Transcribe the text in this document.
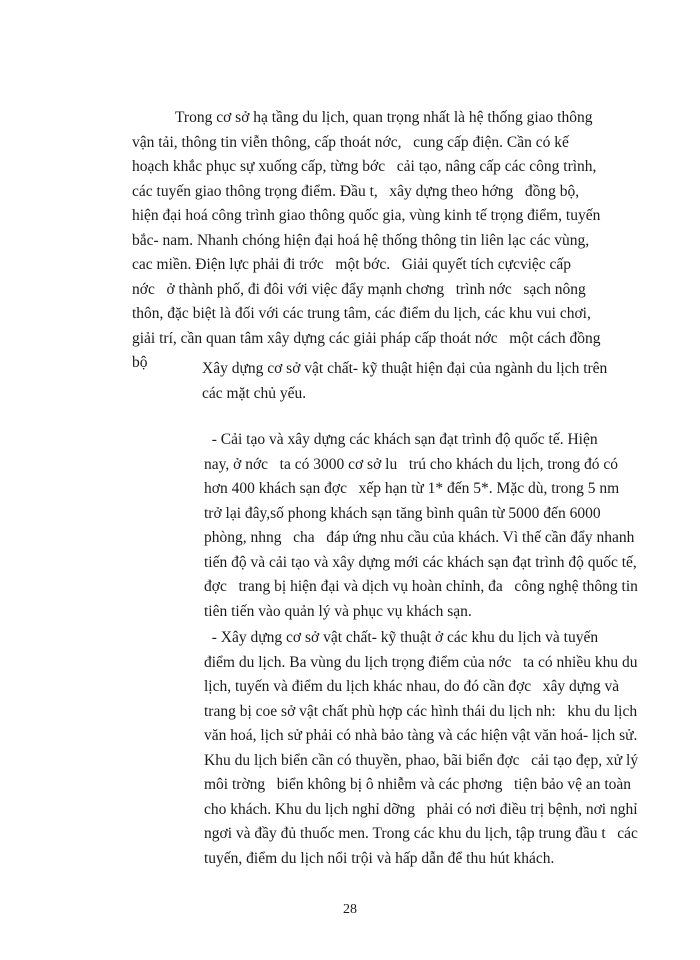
Trong cơ sở hạ tầng du lịch, quan trọng nhất là hệ thống giao thông
vận tải, thông tin viễn thông, cấp thoát nớc,   cung cấp điện. Cần có kế
hoạch khắc phục sự xuống cấp, từng bớc   cải tạo, nâng cấp các công trình,
các tuyến giao thông trọng điểm. Đầu t,   xây dựng theo hớng   đồng bộ,
hiện đại hoá công trình giao thông quốc gia, vùng kinh tế trọng điểm, tuyến
bắc- nam. Nhanh chóng hiện đại hoá hệ thống thông tin liên lạc các vùng,
cac miền. Điện lực phải đi trớc   một bớc.   Giải quyết tích cựcviệc cấp
nớc   ở thành phố, đi đôi với việc đẩy mạnh chơng   trình nớc   sạch nông
thôn, đặc biệt là đối với các trung tâm, các điểm du lịch, các khu vui chơi,
giải trí, cần quan tâm xây dựng các giải pháp cấp thoát nớc   một cách đồng
bộ	Xây dựng cơ sở vật chất- kỹ thuật hiện đại của ngành du lịch trên
các mặt chủ yếu.
- Cải tạo và xây dựng các khách sạn đạt trình độ quốc tế. Hiện
nay, ở nớc   ta có 3000 cơ sở lu   trú cho khách du lịch, trong đó có
hơn 400 khách sạn đợc   xếp hạn từ 1* đến 5*. Mặc dù, trong 5 nm
trở lại đây,số phong khách sạn tăng bình quân từ 5000 đến 6000
phòng, nhng   cha   đáp ứng nhu cầu của khách. Vì thế cần đẩy nhanh
tiến độ và cải tạo và xây dựng mới các khách sạn đạt trình độ quốc tế,
đợc   trang bị hiện đại và dịch vụ hoàn chỉnh, đa   công nghệ thông tin
tiên tiến vào quản lý và phục vụ khách sạn.
- Xây dựng cơ sở vật chất- kỹ thuật ở các khu du lịch và tuyến
điểm du lịch. Ba vùng du lịch trọng điểm của nớc   ta có nhiều khu du
lịch, tuyến và điểm du lịch khác nhau, do đó cần đợc   xây dựng và
trang bị coe sở vật chất phù hợp các hình thái du lịch nh:   khu du lịch
văn hoá, lịch sử phải có nhà bảo tàng và các hiện vật văn hoá- lịch sử.
Khu du lịch biển cần có thuyền, phao, bãi biển đợc   cải tạo đẹp, xử lý
môi trờng   biển không bị ô nhiễm và các phơng   tiện bảo vệ an toàn
cho khách. Khu du lịch nghỉ dỡng   phải có nơi điều trị bệnh, nơi nghỉ
ngơi và đầy đủ thuốc men. Trong các khu du lịch, tập trung đầu t   các
tuyến, điểm du lịch nổi trội và hấp dẫn để thu hút khách.
28
